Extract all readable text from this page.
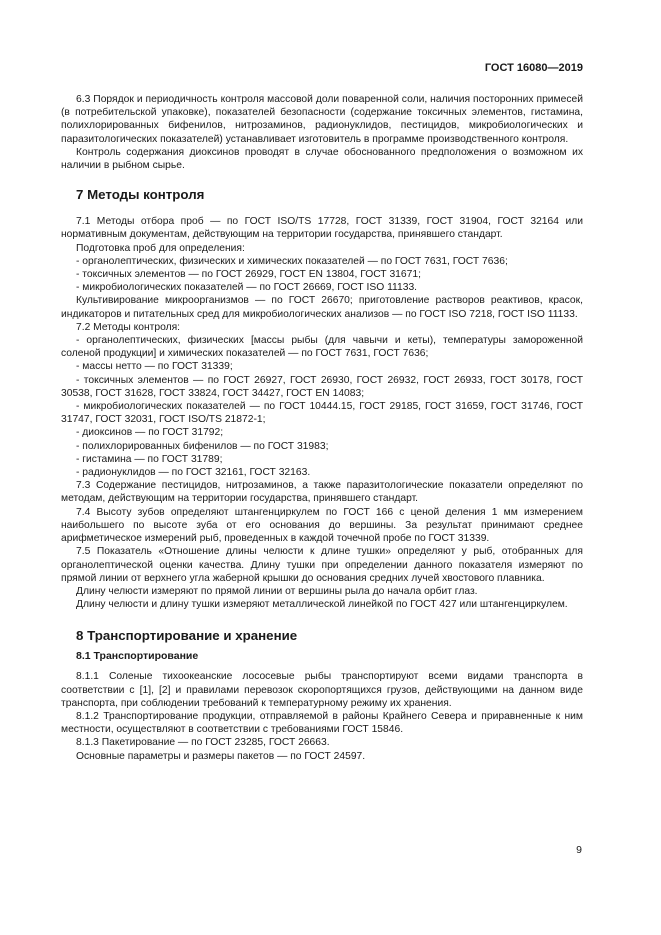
ГОСТ 16080—2019

6.3 Порядок и периодичность контроля массовой доли поваренной соли, наличия посторонних примесей (в потребительской упаковке), показателей безопасности (содержание токсичных элементов, гистамина, полихлорированных бифенилов, нитрозаминов, радионуклидов, пестицидов, микробиологических и паразитологических показателей) устанавливает изготовитель в программе производственного контроля.

Контроль содержания диоксинов проводят в случае обоснованного предположения о возможном их наличии в рыбном сырье.

7 Методы контроля

7.1 Методы отбора проб — по ГОСТ ISO/TS 17728, ГОСТ 31339, ГОСТ 31904, ГОСТ 32164 или нормативным документам, действующим на территории государства, принявшего стандарт.

Подготовка проб для определения:

- органолептических, физических и химических показателей — по ГОСТ 7631, ГОСТ 7636;

- токсичных элементов — по ГОСТ 26929, ГОСТ EN 13804, ГОСТ 31671;

- микробиологических показателей — по ГОСТ 26669, ГОСТ ISO 11133.

Культивирование микроорганизмов — по ГОСТ 26670; приготовление растворов реактивов, красок, индикаторов и питательных сред для микробиологических анализов — по ГОСТ ISO 7218, ГОСТ ISO 11133.

7.2 Методы контроля:

- органолептических, физических [массы рыбы (для чавычи и кеты), температуры замороженной соленой продукции] и химических показателей — по ГОСТ 7631, ГОСТ 7636;

- массы нетто — по ГОСТ 31339;

- токсичных элементов — по ГОСТ 26927, ГОСТ 26930, ГОСТ 26932, ГОСТ 26933, ГОСТ 30178, ГОСТ 30538, ГОСТ 31628, ГОСТ 33824, ГОСТ 34427, ГОСТ EN 14083;

- микробиологических показателей — по ГОСТ 10444.15, ГОСТ 29185, ГОСТ 31659, ГОСТ 31746, ГОСТ 31747, ГОСТ 32031, ГОСТ ISO/TS 21872-1;

- диоксинов — по ГОСТ 31792;

- полихлорированных бифенилов — по ГОСТ 31983;

- гистамина — по ГОСТ 31789;

- радионуклидов — по ГОСТ 32161, ГОСТ 32163.

7.3 Содержание пестицидов, нитрозаминов, а также паразитологические показатели определяют по методам, действующим на территории государства, принявшего стандарт.

7.4 Высоту зубов определяют штангенциркулем по ГОСТ 166 с ценой деления 1 мм измерением наибольшего по высоте зуба от его основания до вершины. За результат принимают среднее арифметическое измерений рыб, проведенных в каждой точечной пробе по ГОСТ 31339.

7.5 Показатель «Отношение длины челюсти к длине тушки» определяют у рыб, отобранных для органолептической оценки качества. Длину тушки при определении данного показателя измеряют по прямой линии от верхнего угла жаберной крышки до основания средних лучей хвостового плавника.

Длину челюсти измеряют по прямой линии от вершины рыла до начала орбит глаз.

Длину челюсти и длину тушки измеряют металлической линейкой по ГОСТ 427 или штангенциркулем.

8 Транспортирование и хранение
8.1 Транспортирование

8.1.1 Соленые тихоокеанские лососевые рыбы транспортируют всеми видами транспорта в соответствии с [1], [2] и правилами перевозок скоропортящихся грузов, действующими на данном виде транспорта, при соблюдении требований к температурному режиму их хранения.

8.1.2 Транспортирование продукции, отправляемой в районы Крайнего Севера и приравненные к ним местности, осуществляют в соответствии с требованиями ГОСТ 15846.

8.1.3 Пакетирование — по ГОСТ 23285, ГОСТ 26663.

Основные параметры и размеры пакетов — по ГОСТ 24597.

9
